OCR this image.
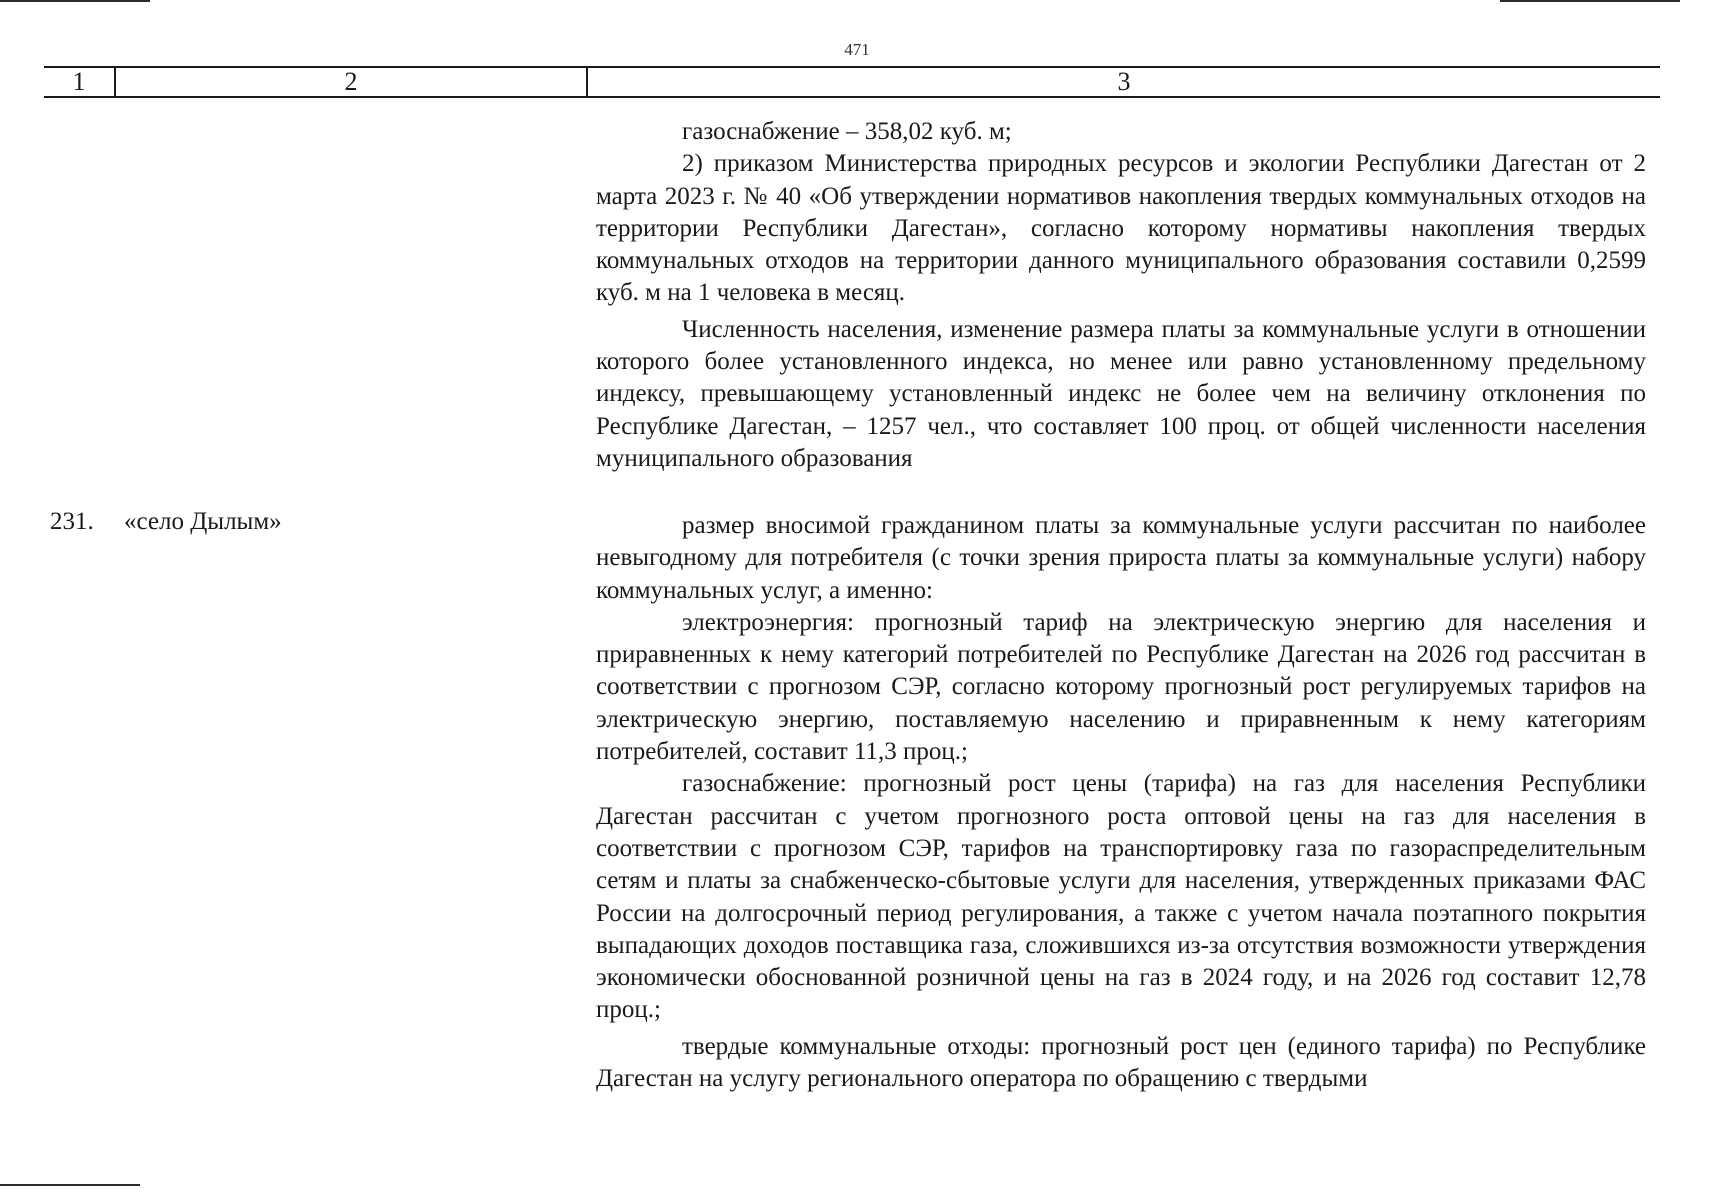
471
1	2	3

газоснабжение – 358,02 куб. м;

2) приказом Министерства природных ресурсов и экологии Республики Дагестан от 2 марта 2023 г. № 40 «Об утверждении нормативов накопления твердых коммунальных отходов на территории Республики Дагестан», согласно которому нормативы накопления твердых коммунальных отходов на территории данного муниципального образования составили 0,2599 куб. м на 1 человека в месяц.

Численность населения, изменение размера платы за коммунальные услуги в отношении которого более установленного индекса, но менее или равно установленному предельному индексу, превышающему установленный индекс не более чем на величину отклонения по Республике Дагестан, – 1257 чел., что составляет 100 проц. от общей численности населения муниципального образования

231. «село Дылым»	размер вносимой гражданином платы за коммунальные услуги рассчитан по наиболее невыгодному для потребителя (с точки зрения прироста платы за коммунальные услуги) набору коммунальных услуг, а именно:

электроэнергия: прогнозный тариф на электрическую энергию для населения и приравненных к нему категорий потребителей по Республике Дагестан на 2026 год рассчитан в соответствии с прогнозом СЭР, согласно которому прогнозный рост регулируемых тарифов на электрическую энергию, поставляемую населению и приравненным к нему категориям потребителей, составит 11,3 проц.;

газоснабжение: прогнозный рост цены (тарифа) на газ для населения Республики Дагестан рассчитан с учетом прогнозного роста оптовой цены на газ для населения в соответствии с прогнозом СЭР, тарифов на транспортировку газа по газораспределительным сетям и платы за снабженческо-сбытовые услуги для населения, утвержденных приказами ФАС России на долгосрочный период регулирования, а также с учетом начала поэтапного покрытия выпадающих доходов поставщика газа, сложившихся из-за отсутствия возможности утверждения экономически обоснованной розничной цены на газ в 2024 году, и на 2026 год составит 12,78 проц.;

твердые коммунальные отходы: прогнозный рост цен (единого тарифа) по Республике Дагестан на услугу регионального оператора по обращению с твердыми
